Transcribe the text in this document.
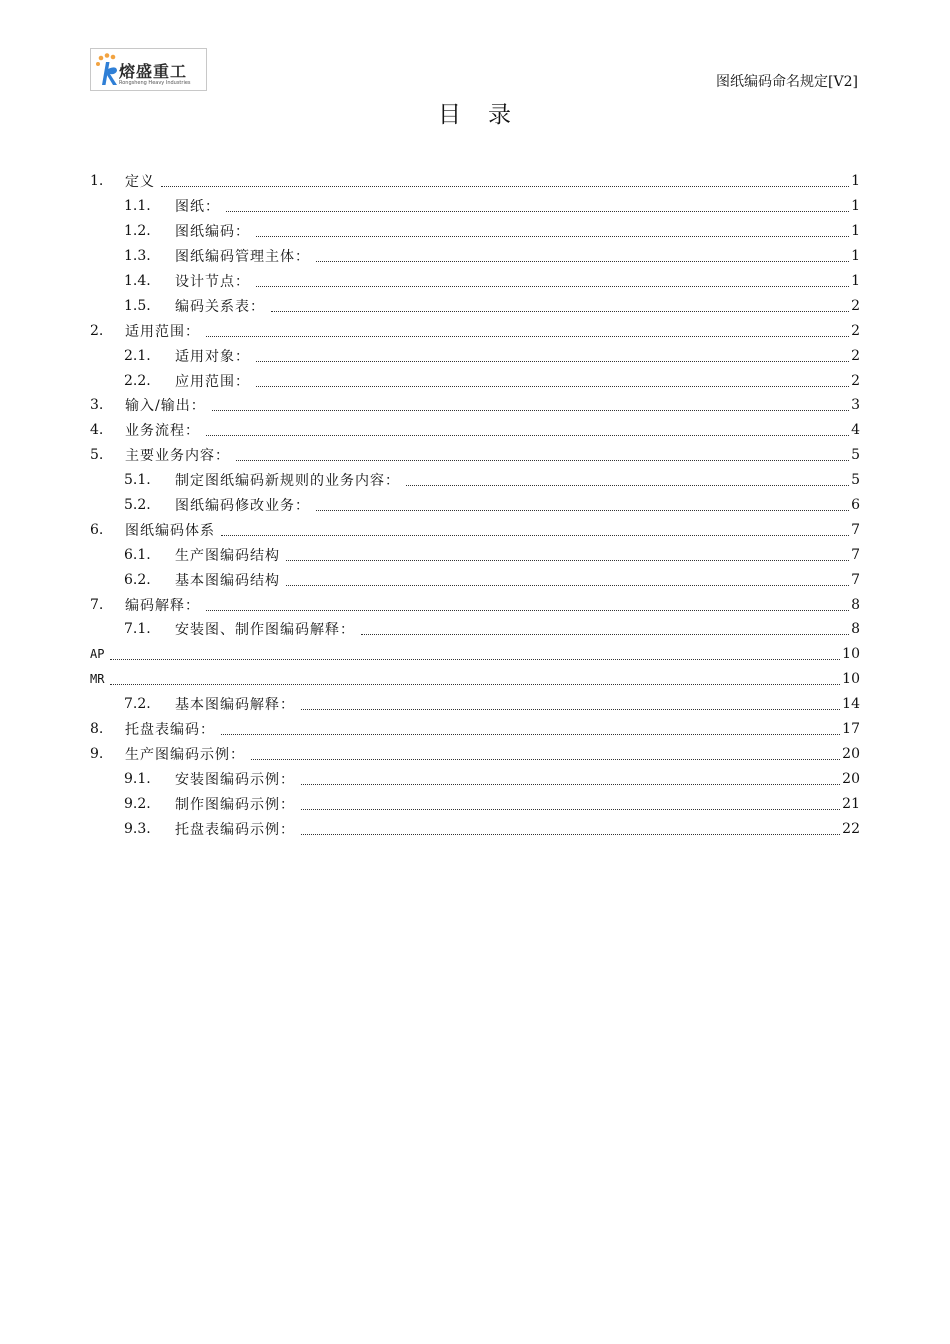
熔盛重工
Rongsheng Heavy Industries	图纸编码命名规定[V2]
目 录
1.	定义	1
1.1.	图纸：	1
1.2.	图纸编码：	1
1.3.	图纸编码管理主体：	1
1.4.	设计节点：	1
1.5.	编码关系表：	2
2.	适用范围：	2
2.1.	适用对象：	2
2.2.	应用范围：	2
3.	输入/输出：	3
4.	业务流程：	4
5.	主要业务内容：	5
5.1.	制定图纸编码新规则的业务内容：	5
5.2.	图纸编码修改业务：	6
6.	图纸编码体系	7
6.1.	生产图编码结构	7
6.2.	基本图编码结构	7
7.	编码解释：	8
7.1.	安装图、制作图编码解释：	8
AP	10
MR	10
7.2.	基本图编码解释：	14
8.	托盘表编码：	17
9.	生产图编码示例：	20
9.1.	安装图编码示例：	20
9.2.	制作图编码示例：	21
9.3.	托盘表编码示例：	22
